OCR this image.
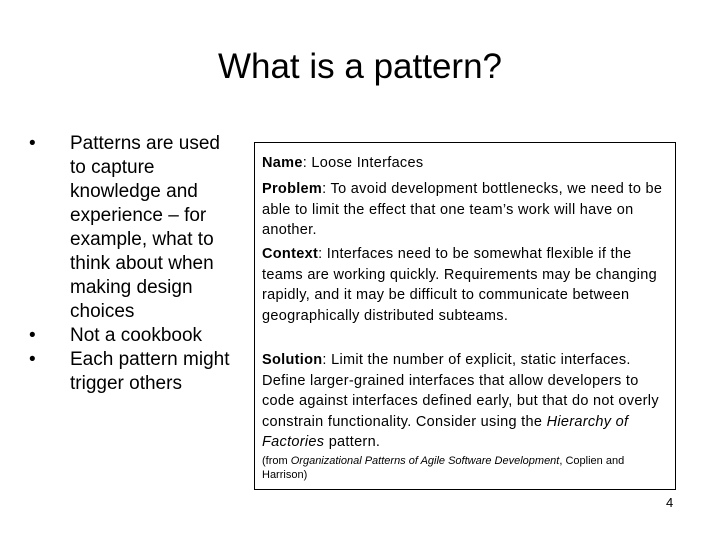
What is a pattern?
• Patterns are used to capture knowledge and experience – for example, what to think about when making design choices
• Not a cookbook
• Each pattern might trigger others
Name: Loose Interfaces
Problem: To avoid development bottlenecks, we need to be able to limit the effect that one team’s work will have on another.
Context: Interfaces need to be somewhat flexible if the teams are working quickly. Requirements may be changing rapidly, and it may be difficult to communicate between geographically distributed subteams.
Solution: Limit the number of explicit, static interfaces. Define larger-grained interfaces that allow developers to code against interfaces defined early, but that do not overly constrain functionality. Consider using the Hierarchy of Factories pattern.
(from Organizational Patterns of Agile Software Development, Coplien and Harrison)
4
